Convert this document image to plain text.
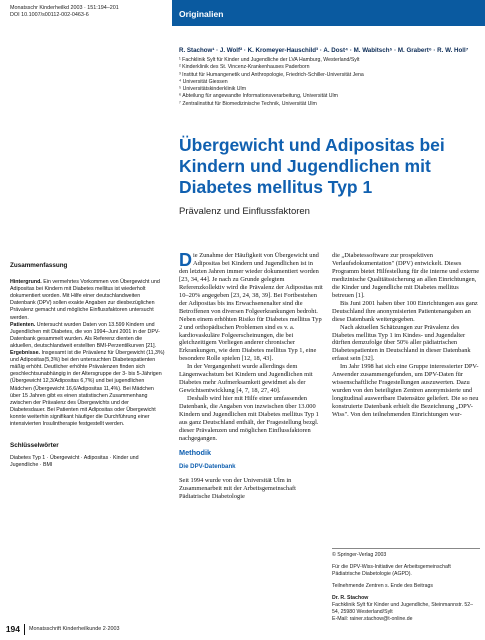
Monatsschr Kinderheilkd 2003 · 151:194–201
DOI 10.1007/s00112-002-0463-6	Originalien
R. Stachow¹ · J. Wolf² · K. Kromeyer-Hauschild³ · A. Dost⁴ · M. Wabitsch⁵ · M. Grabert⁶ · R. W. Holl⁷
¹ Fachklinik Sylt für Kinder und Jugendliche der LVA Hamburg, Westerland/Sylt
² Kinderklinik des St. Vincenz-Krankenhauses Paderborn
³ Institut für Humangenetik und Anthropologie, Friedrich-Schiller-Universität Jena
⁴ Universität Giessen
⁵ Universitätskinderklinik Ulm
⁶ Abteilung für angewandte Informationsverarbeitung, Universität Ulm
⁷ Zentralinstitut für Biomedizinische Technik, Universität Ulm
Übergewicht und Adipositas bei Kindern und Jugendlichen mit Diabetes mellitus Typ 1
Prävalenz und Einflussfaktoren
Zusammenfassung

Hintergrund. Ein vermehrtes Vorkommen von Übergewicht und Adipositas bei Kindern mit Diabetes mellitus ist wiederholt dokumentiert worden. Mit Hilfe einer deutschlandweiten Datenbank (DPV) sollen exakte Angaben zur diesbezüglichen Prävalenz gemacht und mögliche Einflussfaktoren untersucht werden.

Patienten. Untersucht wurden Daten von 13.599 Kindern und Jugendlichen mit Diabetes, die von 1994–Juni 2001 in der DPV-Datenbank gesammelt wurden. Als Referenz dienten die aktuellen, deutschlandweit erstellten BMI-Perzentilkurven [21].

Ergebnisse. Insgesamt ist die Prävalenz für Übergewicht (11,3%) und Adipositas(5,3%) bei den untersuchten Diabetespatienten mäßig erhöht. Deutlicher erhöhte Prävalenzen finden sich geschlechtsunabhängig in der Altersgruppe der 3- bis 5-Jährigen (Übergewicht 12,3/Adipositas 6,7%) und bei jugendlichen Mädchen (Übergewicht 16,6/Adipositas 11,4%). Bei Mädchen über 15 Jahren gibt es einen statistischen Zusammenhang zwischen der Prävalenz des Übergewichts und der Diabetesdauer. Bei Patienten mit Adipositas oder Übergewicht konnte weiterhin signifikant häufiger die Durchführung einer intensivierten Insulintherapie festgestellt werden.

Schlüsselwörter

Diabetes Typ 1 · Übergewicht · Adipositas · Kinder und Jugendliche · BMI

Die Zunahme der Häufigkeit von Übergewicht und Adipositas bei Kindern und Jugendlichen ist in den letzten Jahren immer wieder dokumentiert worden [23, 34, 44]. Je nach zu Grunde gelegtem Referenzkollektiv wird die Prävalenz der Adipositas mit 10–20% angegeben [23, 24, 38, 39]. Bei Fortbestehen der Adipositas bis ins Erwachsenenalter sind die Betroffenen von diversen Folgeerkrankungen bedroht. Neben einem erhöhten Risiko für Diabetes mellitus Typ 2 und orthopädischen Problemen sind es v. a. kardiovaskuläre Folgeerscheinungen, die bei gleichzeitigem Vorliegen anderer chronischer Erkrankungen, wie dem Diabetes mellitus Typ 1, eine besondere Rolle spielen [12, 18, 43].

In der Vergangenheit wurde allerdings dem Längenwachstum bei Kindern und Jugendlichen mit Diabetes mehr Aufmerksamkeit gewidmet als der Gewichtsentwicklung [4, 7, 18, 27, 40].

Deshalb wird hier mit Hilfe einer umfassenden Datenbank, die Angaben von inzwischen über 13.000 Kindern und Jugendlichen mit Diabetes mellitus Typ 1 aus ganz Deutschland enthält, der Fragestellung bezgl. dieser Prävalenzen und möglichen Einflussfaktoren nachgegangen.

Methodik
Die DPV-Datenbank

Seit 1994 wurde von der Universität Ulm in Zusammenarbeit mit der Arbeitsgemeinschaft Pädiatrische Diabetologie

die „Diabetessoftware zur prospektiven Verlaufsdokumentation" (DPV) entwickelt. Dieses Programm bietet Hilfestellung für die interne und externe medizinische Qualitätssicherung an allen Einrichtungen, die Kinder und Jugendliche mit Diabetes mellitus betreuen [1].

Bis Juni 2001 haben über 100 Einrichtungen aus ganz Deutschland ihre anonymisierten Patientenangaben an diese Datenbank weitergegeben.

Nach aktuellen Schätzungen zur Prävalenz des Diabetes mellitus Typ 1 im Kindes- und Jugendalter dürften demzufolge über 50% aller pädiatrischen Diabetespatienten in Deutschland in dieser Datenbank erfasst sein [32].

Im Jahr 1998 hat sich eine Gruppe interessierter DPV-Anwender zusammengefunden, um DPV-Daten für wissenschaftliche Fragestellungen auszuwerten. Dazu wurden von den beteiligten Zentren anonymisierte und longitudinal auswertbare Datensätze geliefert. Die so neu konstruierte Datenbank erhielt die Bezeichnung „DPV-Wiss". Von den teilnehmenden Einrichtungen wur-

© Springer-Verlag 2003

Für die DPV-Wiss-Initiative der Arbeitsgemeinschaft Pädiatrische Diabetologie (AGPD).

Teilnehmende Zentren s. Ende des Beitrags

Dr. R. Stachow
Fachklinik Sylt für Kinder und Jugendliche, Steinmannstr. 52–54, 25980 Westerland/Sylt
E-Mail: rainer.stachow@t-online.de

194 Monatsschrift Kinderheilkunde 2·2003
